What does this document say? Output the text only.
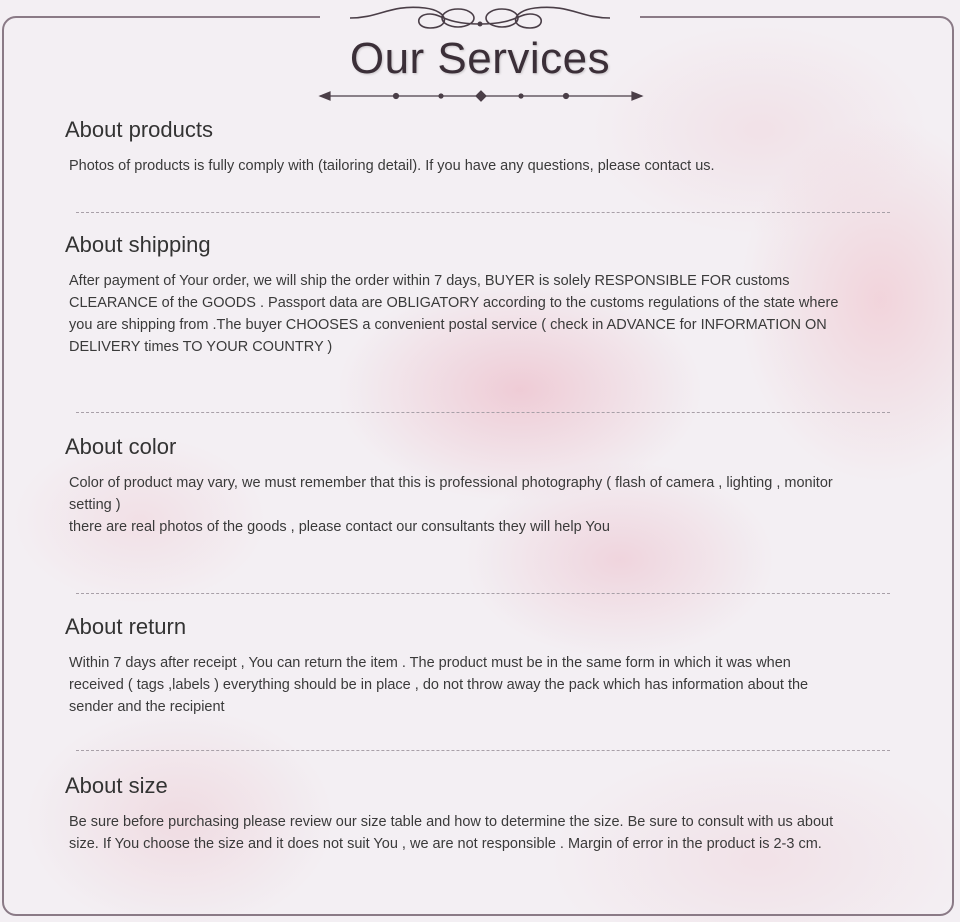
Our Services
About products
Photos of products is fully comply with (tailoring detail). If you have any questions, please contact us.
About shipping
After payment of Your order, we will ship the order within 7 days, BUYER is solely RESPONSIBLE FOR customs
CLEARANCE of the GOODS . Passport data are OBLIGATORY according to the customs regulations of the state where
you are shipping from .The buyer CHOOSES a convenient postal service ( check in ADVANCE for INFORMATION ON
DELIVERY times TO YOUR COUNTRY )
About color
Color of product may vary, we must remember that this is professional photography ( flash of camera , lighting , monitor
setting )
there are real photos of the goods , please contact our consultants they will help You
About return
Within 7 days after receipt , You can return the item . The product must be in the same form in which it was when
received ( tags ,labels ) everything should be in place , do not throw away the pack which has information about the
sender and the recipient
About size
Be sure before purchasing please review our size table and how to determine the size. Be sure to consult with us about
size. If You choose the size and it does not suit You , we are not responsible . Margin of error in the product is 2-3 cm.
